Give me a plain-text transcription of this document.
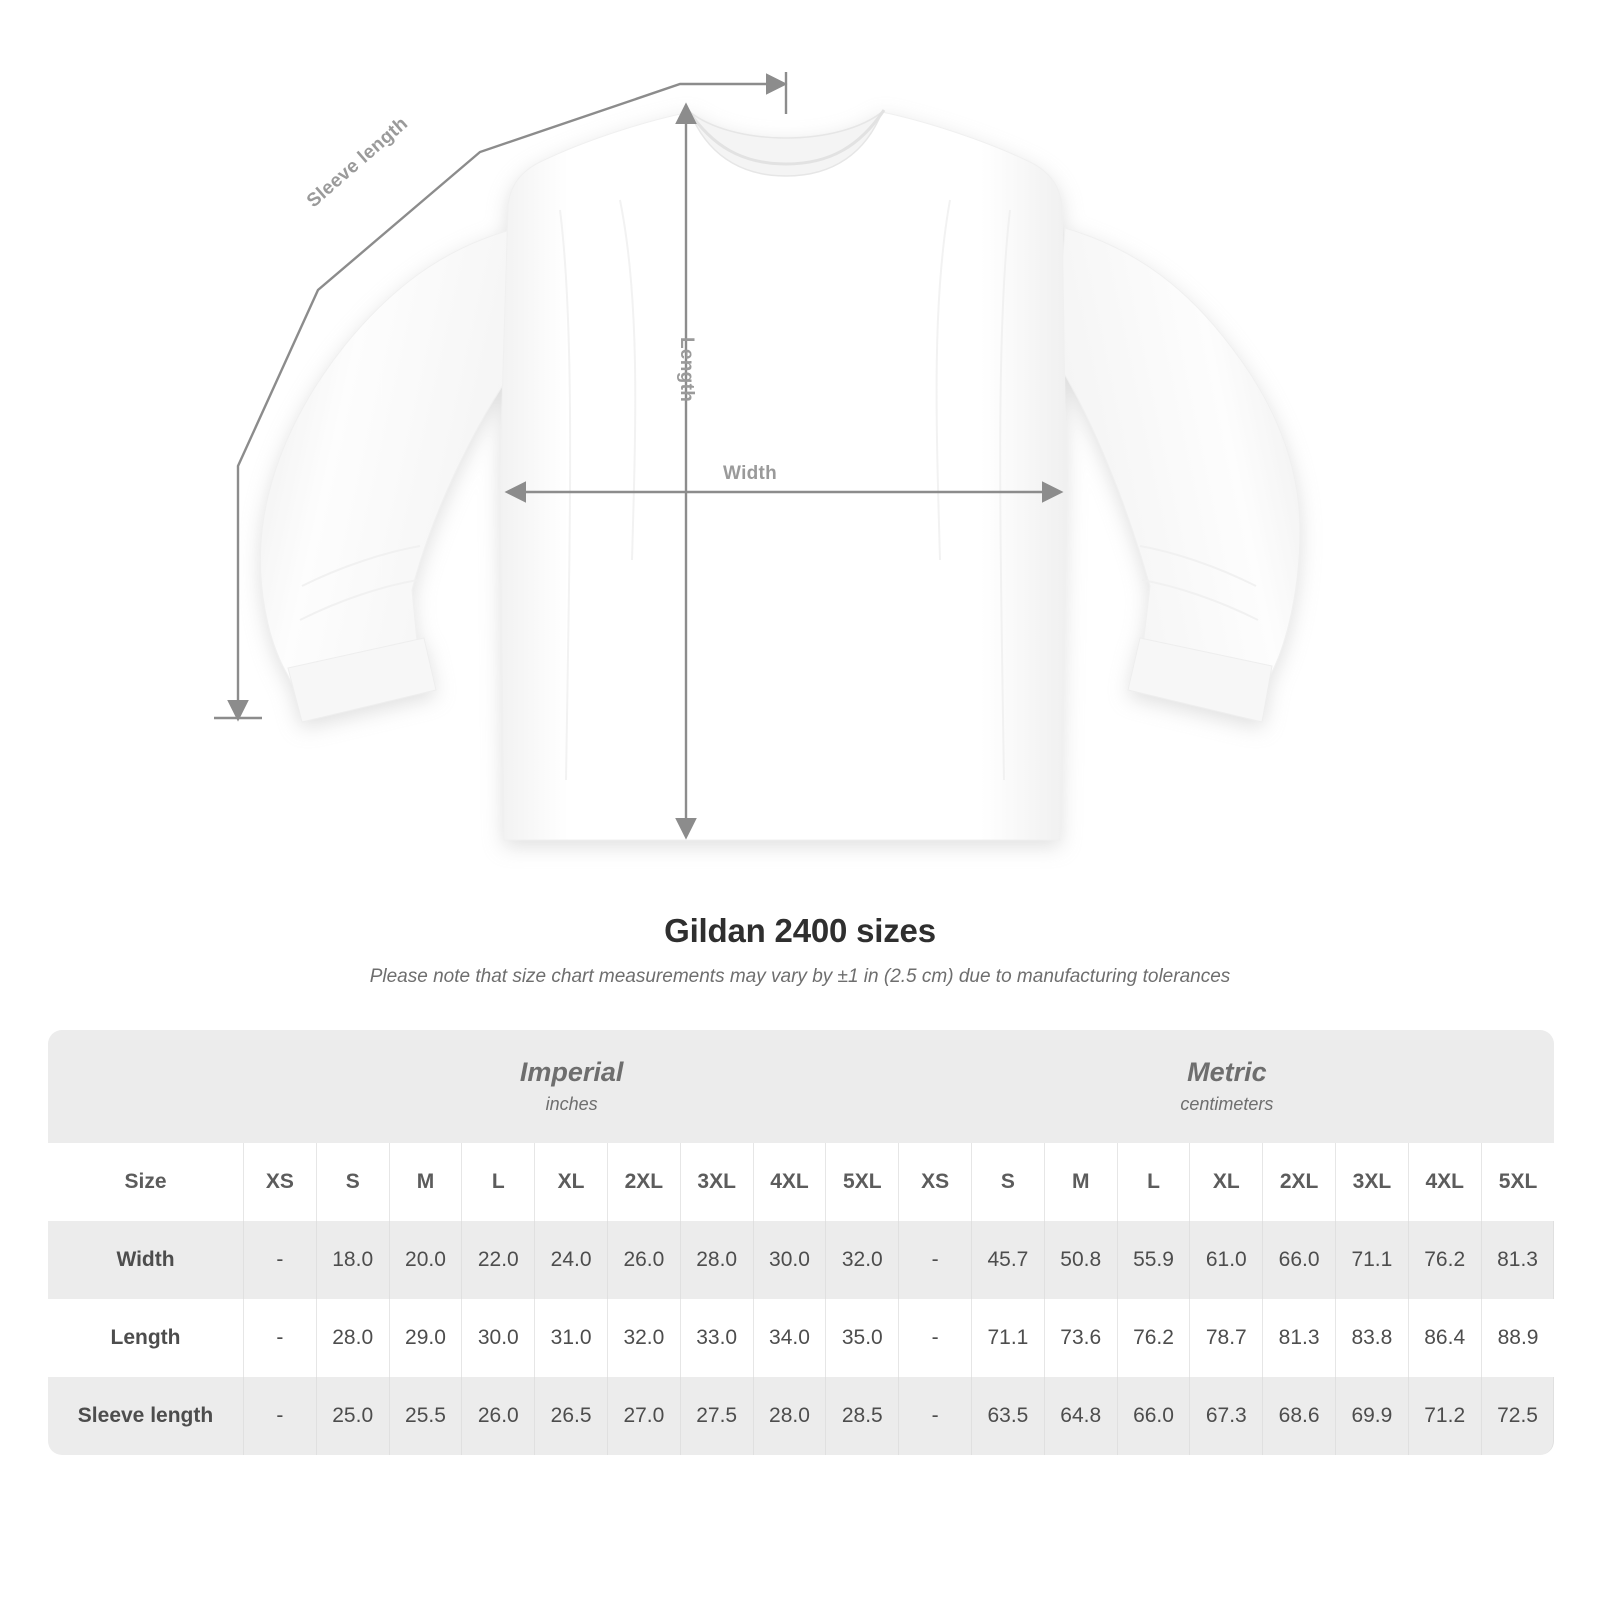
Sleeve length
Length
Width
Gildan 2400 sizes

Please note that size chart measurements may vary by ±1 in (2.5 cm) due to manufacturing tolerances

Imperial
inches

Metric
centimeters

Size	XS	S	M	L	XL	2XL	3XL	4XL	5XL	XS	S	M	L	XL	2XL	3XL	4XL	5XL
Width	-	18.0	20.0	22.0	24.0	26.0	28.0	30.0	32.0	-	45.7	50.8	55.9	61.0	66.0	71.1	76.2	81.3
Length	-	28.0	29.0	30.0	31.0	32.0	33.0	34.0	35.0	-	71.1	73.6	76.2	78.7	81.3	83.8	86.4	88.9
Sleeve length	-	25.0	25.5	26.0	26.5	27.0	27.5	28.0	28.5	-	63.5	64.8	66.0	67.3	68.6	69.9	71.2	72.5
